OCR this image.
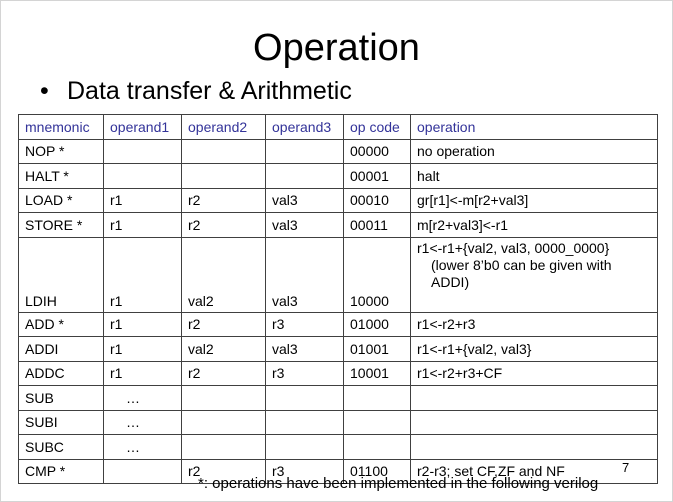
Operation
• Data transfer & Arithmetic
mnemonic	operand1	operand2	operand3	op code	operation
NOP *				00000	no operation
HALT *				00001	halt
LOAD *	r1	r2	val3	00010	gr[r1]<-m[r2+val3]
STORE *	r1	r2	val3	00011	m[r2+val3]<-r1
LDIH	r1	val2	val3	10000	r1<-r1+{val2, val3, 0000_0000}
(lower 8’b0 can be given with ADDI)

ADD *	r1	r2	r3	01000	r1<-r2+r3
ADDI	r1	val2	val3	01001	r1<-r1+{val2, val3}
ADDC	r1	r2	r3	10001	r1<-r2+r3+CF
SUB	…				
SUBI	…				
SUBC	…				
CMP *		r2	r3	01100	r2-r3; set CF,ZF and NF	7
*: operations have been implemented in the following verilog
